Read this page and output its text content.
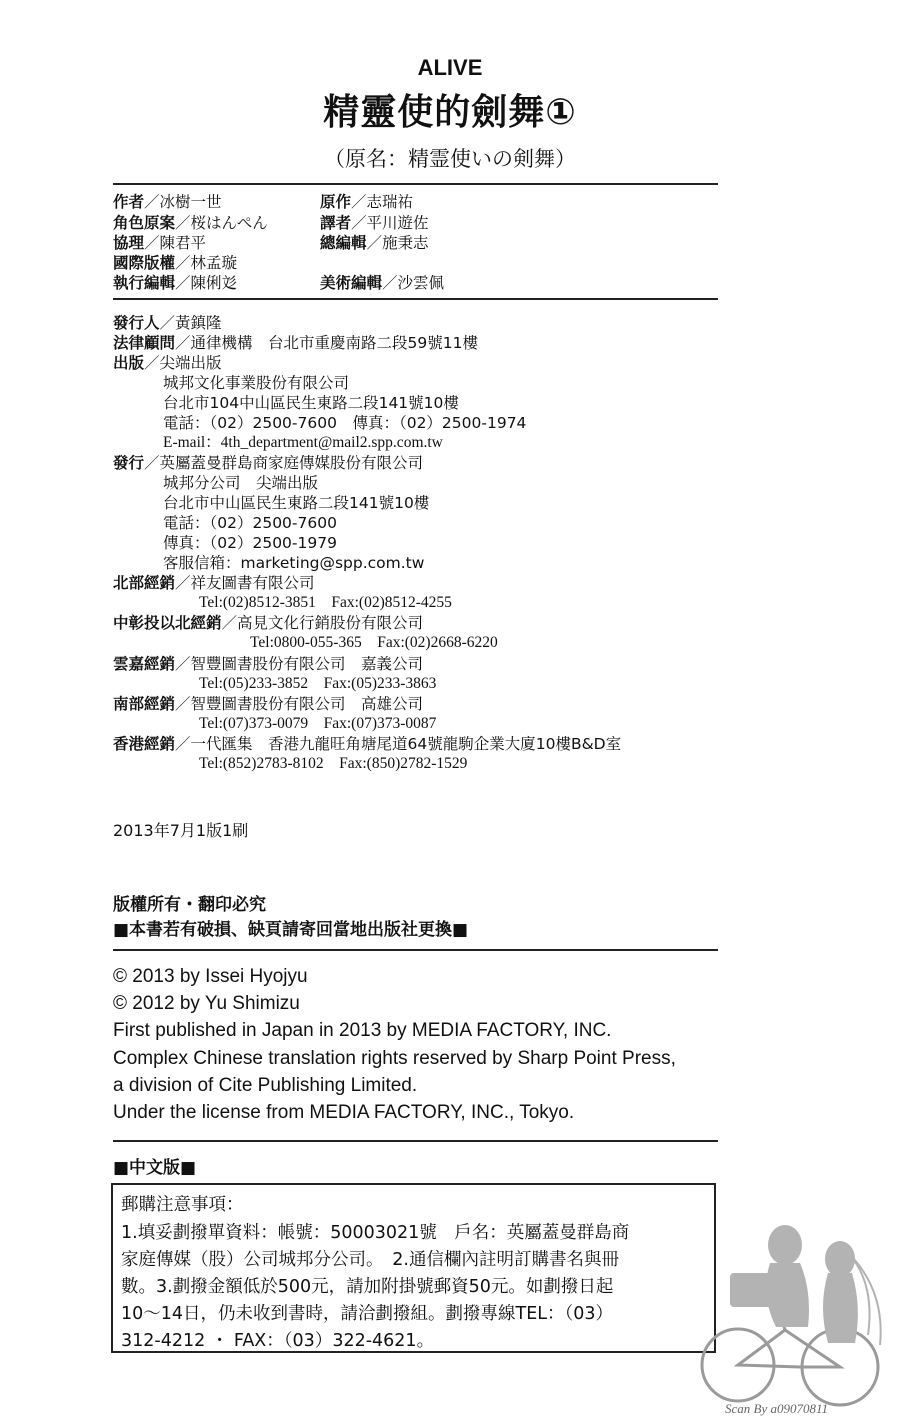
ALIVE
精靈使的劍舞①
（原名：精霊使いの剣舞）
作者／冰樹一世	原作／志瑞祐
角色原案／桜はんぺん	譯者／平川遊佐
協理／陳君平	總編輯／施秉志
國際版權／林孟璇
執行編輯／陳俐彣	美術編輯／沙雲佩
發行人／黃鎮隆
法律顧問／通律機構　台北市重慶南路二段59號11樓
出版／尖端出版
城邦文化事業股份有限公司
台北市104中山區民生東路二段141號10樓
電話：（02）2500-7600　傳真：（02）2500-1974
E-mail：4th_department@mail2.spp.com.tw
發行／英屬蓋曼群島商家庭傳媒股份有限公司
城邦分公司　尖端出版
台北市中山區民生東路二段141號10樓
電話：（02）2500-7600
傳真：（02）2500-1979
客服信箱：marketing@spp.com.tw
北部經銷／祥友圖書有限公司
Tel:(02)8512-3851　Fax:(02)8512-4255
中彰投以北經銷／高見文化行銷股份有限公司
Tel:0800-055-365　Fax:(02)2668-6220
雲嘉經銷／智豐圖書股份有限公司　嘉義公司
Tel:(05)233-3852　Fax:(05)233-3863
南部經銷／智豐圖書股份有限公司　高雄公司
Tel:(07)373-0079　Fax:(07)373-0087
香港經銷／一代匯集　香港九龍旺角塘尾道64號龍駒企業大廈10樓B&D室
Tel:(852)2783-8102　Fax:(850)2782-1529
2013年7月1版1刷
版權所有・翻印必究
■本書若有破損、缺頁請寄回當地出版社更換■
© 2013 by Issei Hyojyu
© 2012 by Yu Shimizu
First published in Japan in 2013 by MEDIA FACTORY, INC.
Complex Chinese translation rights reserved by Sharp Point Press,
a division of Cite Publishing Limited.
Under the license from MEDIA FACTORY, INC., Tokyo.
■中文版■
郵購注意事項：
1.填妥劃撥單資料：帳號：50003021號　戶名：英屬蓋曼群島商
家庭傳媒（股）公司城邦分公司。　2.通信欄內註明訂購書名與冊
數。3.劃撥金額低於500元，請加附掛號郵資50元。如劃撥日起
10～14日，仍未收到書時，請洽劃撥組。劃撥專線TEL：（03）
312-4212 ・ FAX：（03）322-4621。
Scan By a09070811
